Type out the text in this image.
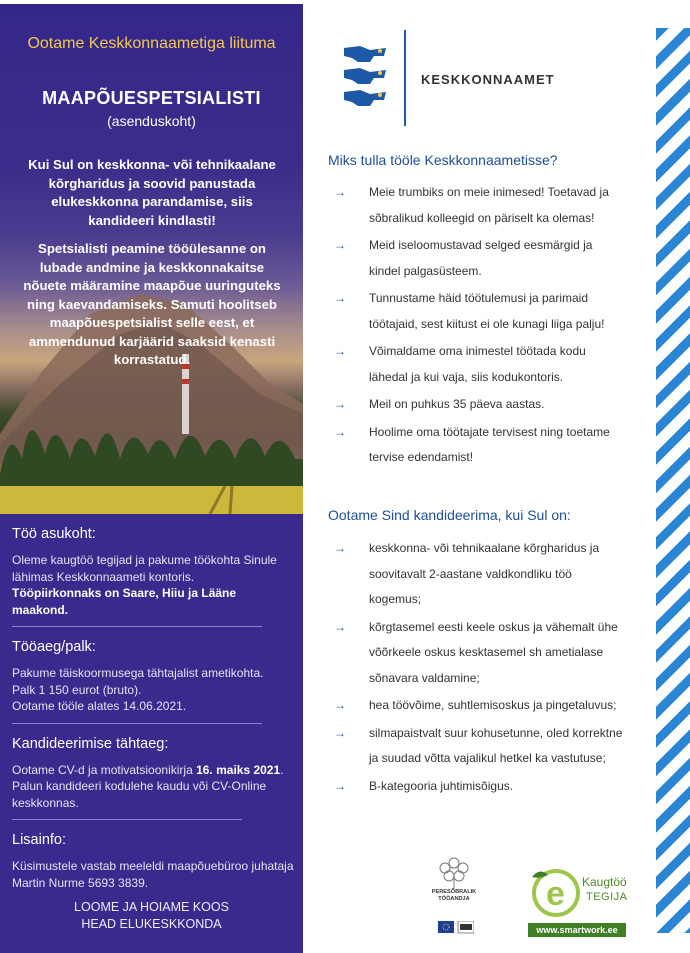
Ootame Keskkonnaametiga liituma
MAAPÕUESPETSIALISTI
(asenduskoht)
Kui Sul on keskkonna- või tehnikaalane kõrgharidus ja soovid panustada elukeskkonna parandamise, siis kandideeri kindlasti!
Spetsialisti peamine tööülesanne on lubade andmine ja keskkonnakaitse nõuete määramine maapõue uuringuteks ning kaevandamiseks. Samuti hoolitseb maapõuespetsialist selle eest, et ammendunud karjäärid saaksid kenasti korrastatud.
Töö asukoht:
Oleme kaugtöö tegijad ja pakume töökohta Sinule lähimas Keskkonnaameti kontoris.
Tööpiirkonnaks on Saare, Hiiu ja Lääne maakond.
Tööaeg/palk:
Pakume täiskoormusega tähtajalist ametikohta.
Palk 1 150 eurot (bruto).
Ootame tööle alates 14.06.2021.
Kandideerimise tähtaeg:
Ootame CV-d ja motivatsioonikirja 16. maiks 2021. Palun kandideeri kodulehe kaudu või CV-Online keskkonnas.
Lisainfo:
Küsimustele vastab meeleldi maapõuebüroo juhataja Martin Nurme 5693 3839.
LOOME JA HOIAME KOOS
HEAD ELUKESKKONDA
KESKKONNAAMET
Miks tulla tööle Keskkonnaametisse?
→ Meie trumbiks on meie inimesed! Toetavad ja sõbralikud kolleegid on päriselt ka olemas!
→ Meid iseloomustavad selged eesmärgid ja kindel palgasüsteem.
→ Tunnustame häid töötulemusi ja parimaid töötajaid, sest kiitust ei ole kunagi liiga palju!
→ Võimaldame oma inimestel töötada kodu lähedal ja kui vaja, siis kodukontoris.
→ Meil on puhkus 35 päeva aastas.
→ Hoolime oma töötajate tervisest ning toetame tervise edendamist!
Ootame Sind kandideerima, kui Sul on:
→ keskkonna- või tehnikaalane kõrgharidus ja soovitavalt 2-aastane valdkondliku töö kogemus;
→ kõrgtasemel eesti keele oskus ja vähemalt ühe võõrkeele oskus kesktasemel sh ametialase sõnavara valdamine;
→ hea töövõime, suhtlemisoskus ja pingetaluvus;
→ silmapaistvalt suur kohusetunne, oled korrektne ja suudad võtta vajalikul hetkel ka vastutuse;
→ B-kategooria juhtimisõigus.
PERESÕBRALIK TÖÖANDJA e Kaugtöö
TEGIJA
www.smartwork.ee
